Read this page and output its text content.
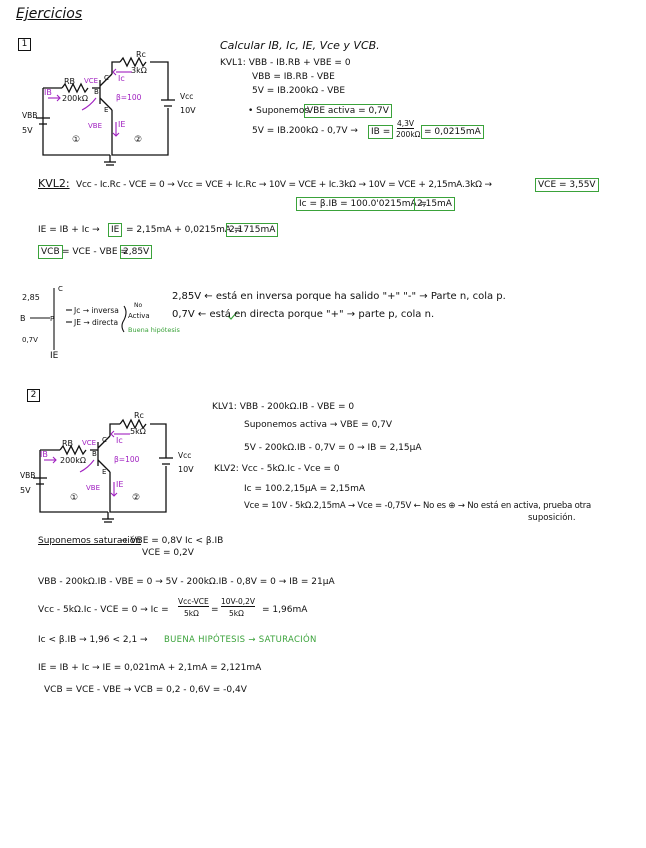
Ejercicios
1
RB
200kΩ
Rc
3kΩ
VBB
5V
Vcc
10V
IB
Ic
IE
VCE
VBE
β=100
B
C
E
①	②
Calcular IB, Ic, IE, Vce y VCB.
KVL1: VBB - IB.RB + VBE = 0
VBB = IB.RB - VBE
5V = IB.200kΩ - VBE
• Suponemos
VBE activa = 0,7V
5V = IB.200kΩ - 0,7V →	IB =
4,3V
200kΩ = 0,0215mA
KVL2: Vcc - Ic.Rc - VCE = 0 → Vcc = VCE + Ic.Rc → 10V = VCE + Ic.3kΩ → 10V = VCE + 2,15mA.3kΩ →	VCE = 3,55V
Ic = β.IB = 100.0'0215mA =
2,15mA
IE = IB + Ic →	IE = 2,15mA + 0,0215mA =
2,1715mA
VCB = VCE - VBE =
2,85V
2,85
C
B	P
0,7V
IE
Jc → inversa
JE → directa
No
Activa
Buena hipótesis
2,85V ← está en inversa porque ha salido "+" "-" → Parte n, cola p.
0,7V ← está en directa porque "+" → parte p, cola n.
2
RB
200kΩ
Rc
5kΩ
VBB
5V
Vcc
10V
IB
Ic
IE
VCE
VBE
β=100
B
C
E
①	②
KLV1: VBB - 200kΩ.IB - VBE = 0
Suponemos activa → VBE = 0,7V
5V - 200kΩ.IB - 0,7V = 0 → IB = 2,15μA
KLV2: Vcc - 5kΩ.Ic - Vce = 0
Ic = 100.2,15μA = 2,15mA
Vce = 10V - 5kΩ.2,15mA → Vce = -0,75V ← No es ⊕ → No está en activa, prueba otra
suposición.
Suponemos saturación
→ VBE = 0,8V Ic < β.IB
VCE = 0,2V
VBB - 200kΩ.IB - VBE = 0 → 5V - 200kΩ.IB - 0,8V = 0 → IB = 21μA
Vcc - 5kΩ.Ic - VCE = 0 → Ic =
Vcc-VCE
5kΩ =
10V-0,2V
5kΩ = 1,96mA
Ic < β.IB → 1,96 < 2,1 → BUENA HIPÓTESIS → SATURACIÓN
IE = IB + Ic → IE = 0,021mA + 2,1mA = 2,121mA
VCB = VCE - VBE → VCB = 0,2 - 0,6V = -0,4V
